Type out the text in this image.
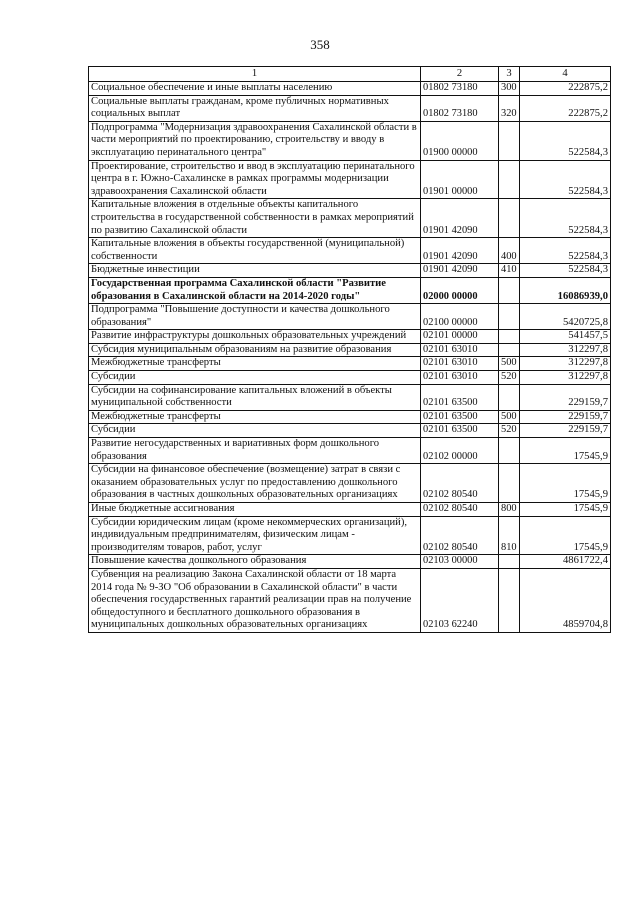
358
1	2	3	4
Социальное обеспечение и иные выплаты населению	01802 73180	300	222875,2
Социальные выплаты гражданам, кроме публичных нормативных социальных выплат	01802 73180	320	222875,2
Подпрограмма "Модернизация здравоохранения Сахалинской области в части мероприятий по проектированию, строительству и вводу в эксплуатацию перинатального центра"	01900 00000		522584,3
Проектирование, строительство и ввод в эксплуатацию перинатального центра в г. Южно-Сахалинске в рамках программы модернизации здравоохранения Сахалинской области	01901 00000		522584,3
Капитальные вложения в отдельные объекты капитального строительства в государственной собственности в рамках мероприятий по развитию Сахалинской области	01901 42090		522584,3
Капитальные вложения в объекты государственной (муниципальной) собственности	01901 42090	400	522584,3
Бюджетные инвестиции	01901 42090	410	522584,3
Государственная программа Сахалинской области "Развитие образования в Сахалинской области на 2014-2020 годы"	02000 00000		16086939,0
Подпрограмма "Повышение доступности и качества дошкольного образования"	02100 00000		5420725,8
Развитие инфраструктуры дошкольных образовательных учреждений	02101 00000		541457,5
Субсидия муниципальным образованиям на развитие образования	02101 63010		312297,8
Межбюджетные трансферты	02101 63010	500	312297,8
Субсидии	02101 63010	520	312297,8
Субсидии на софинансирование капитальных вложений в объекты муниципальной собственности	02101 63500		229159,7
Межбюджетные трансферты	02101 63500	500	229159,7
Субсидии	02101 63500	520	229159,7
Развитие негосударственных и вариативных форм дошкольного образования	02102 00000		17545,9
Субсидии на финансовое обеспечение (возмещение) затрат в связи с оказанием образовательных услуг по предоставлению дошкольного образования в частных дошкольных образовательных организациях	02102 80540		17545,9
Иные бюджетные ассигнования	02102 80540	800	17545,9
Субсидии юридическим лицам (кроме некоммерческих организаций), индивидуальным предпринимателям, физическим лицам - производителям товаров, работ, услуг	02102 80540	810	17545,9
Повышение качества дошкольного образования	02103 00000		4861722,4
Субвенция на реализацию Закона Сахалинской области от 18 марта 2014 года № 9-ЗО "Об образовании в Сахалинской области" в части обеспечения государственных гарантий реализации прав на получение общедоступного и бесплатного дошкольного образования в муниципальных дошкольных образовательных организациях	02103 62240		4859704,8
